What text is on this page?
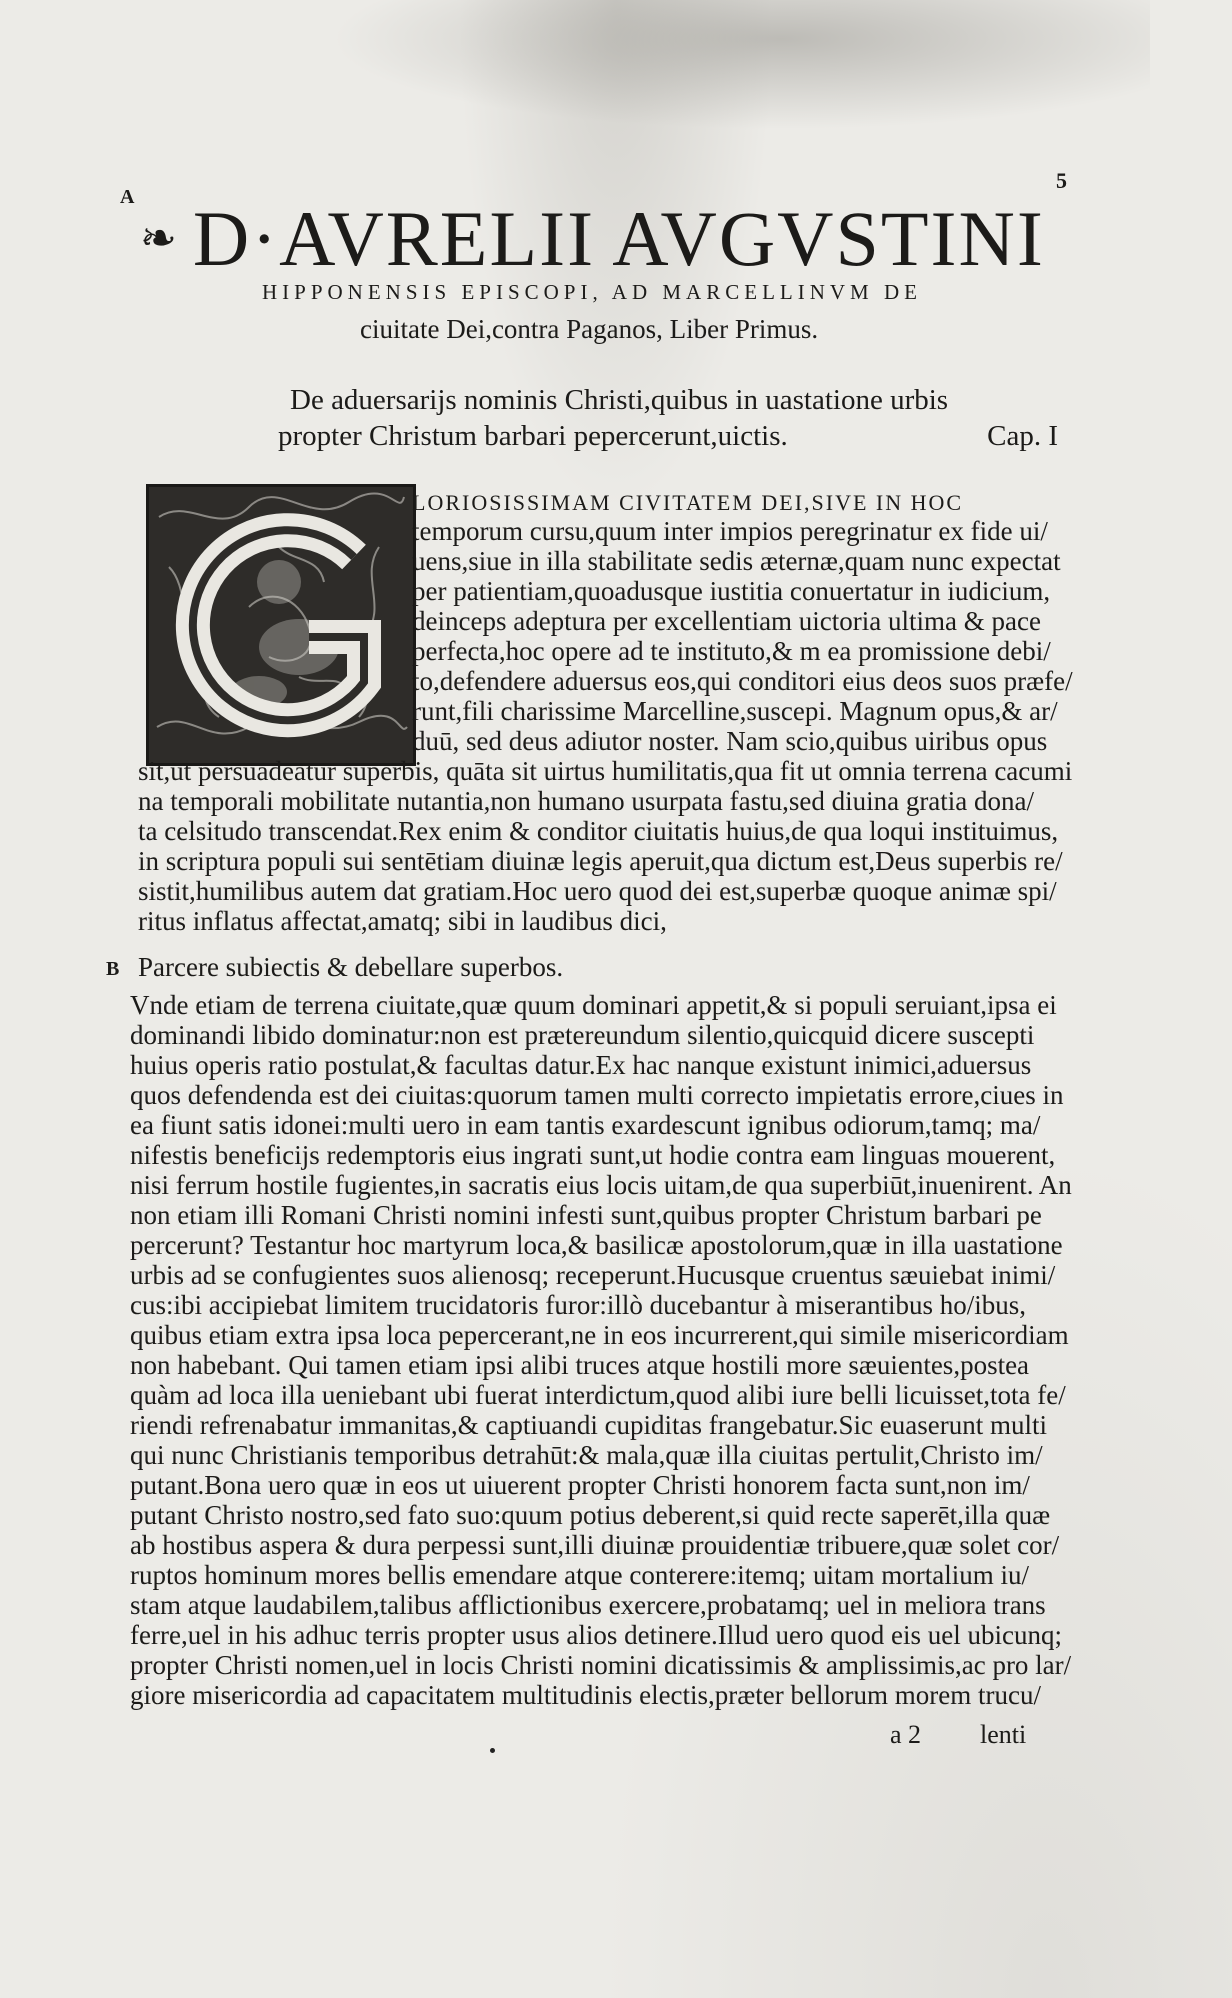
A
5
❧ D·AVRELII AVGVSTINI
HIPPONENSIS EPISCOPI, AD MARCELLINVM DE
ciuitate Dei,contra Paganos, Liber Primus.
De aduersarijs nominis Christi,quibus in uastatione urbis
propter Christum barbari pepercerunt,uictis.	Cap. I
LORIOSISSIMAM CIVITATEM DEI,SIVE IN HOC
temporum cursu,quum inter impios peregrinatur ex fide ui/
uens,siue in illa stabilitate sedis æternæ,quam nunc expectat
per patientiam,quoadusque iustitia conuertatur in iudicium,
deinceps adeptura per excellentiam uictoria ultima & pace
perfecta,hoc opere ad te instituto,& m ea promissione debi/
to,defendere aduersus eos,qui conditori eius deos suos præfe/
runt,fili charissime Marcelline,suscepi. Magnum opus,& ar/
duū, sed deus adiutor noster. Nam scio,quibus uiribus opus
sit,ut persuadeatur superbis, quāta sit uirtus humilitatis,qua fit ut omnia terrena cacumi
na temporali mobilitate nutantia,non humano usurpata fastu,sed diuina gratia dona/
ta celsitudo transcendat.Rex enim & conditor ciuitatis huius,de qua loqui instituimus,
in scriptura populi sui sentētiam diuinæ legis aperuit,qua dictum est,Deus superbis re/
sistit,humilibus autem dat gratiam.Hoc uero quod dei est,superbæ quoque animæ spi/
ritus inflatus affectat,amatq; sibi in laudibus dici,
B Parcere subiectis & debellare superbos.
Vnde etiam de terrena ciuitate,quæ quum dominari appetit,& si populi seruiant,ipsa ei
dominandi libido dominatur:non est prætereundum silentio,quicquid dicere suscepti
huius operis ratio postulat,& facultas datur.Ex hac nanque existunt inimici,aduersus
quos defendenda est dei ciuitas:quorum tamen multi correcto impietatis errore,ciues in
ea fiunt satis idonei:multi uero in eam tantis exardescunt ignibus odiorum,tamq; ma/
nifestis beneficijs redemptoris eius ingrati sunt,ut hodie contra eam linguas mouerent,
nisi ferrum hostile fugientes,in sacratis eius locis uitam,de qua superbiūt,inuenirent. An
non etiam illi Romani Christi nomini infesti sunt,quibus propter Christum barbari pe
percerunt? Testantur hoc martyrum loca,& basilicæ apostolorum,quæ in illa uastatione
urbis ad se confugientes suos alienosq; receperunt.Hucusque cruentus sæuiebat inimi/
cus:ibi accipiebat limitem trucidatoris furor:illò ducebantur à miserantibus ho/ibus,
quibus etiam extra ipsa loca pepercerant,ne in eos incurrerent,qui simile misericordiam
non habebant. Qui tamen etiam ipsi alibi truces atque hostili more sæuientes,postea
quàm ad loca illa ueniebant ubi fuerat interdictum,quod alibi iure belli licuisset,tota fe/
riendi refrenabatur immanitas,& captiuandi cupiditas frangebatur.Sic euaserunt multi
qui nunc Christianis temporibus detrahūt:& mala,quæ illa ciuitas pertulit,Christo im/
putant.Bona uero quæ in eos ut uiuerent propter Christi honorem facta sunt,non im/
putant Christo nostro,sed fato suo:quum potius deberent,si quid recte saperēt,illa quæ
ab hostibus aspera & dura perpessi sunt,illi diuinæ prouidentiæ tribuere,quæ solet cor/
ruptos hominum mores bellis emendare atque conterere:itemq; uitam mortalium iu/
stam atque laudabilem,talibus afflictionibus exercere,probatamq; uel in meliora trans
ferre,uel in his adhuc terris propter usus alios detinere.Illud uero quod eis uel ubicunq;
propter Christi nomen,uel in locis Christi nomini dicatissimis & amplissimis,ac pro lar/
giore misericordia ad capacitatem multitudinis electis,præter bellorum morem trucu/
a 2 lenti
